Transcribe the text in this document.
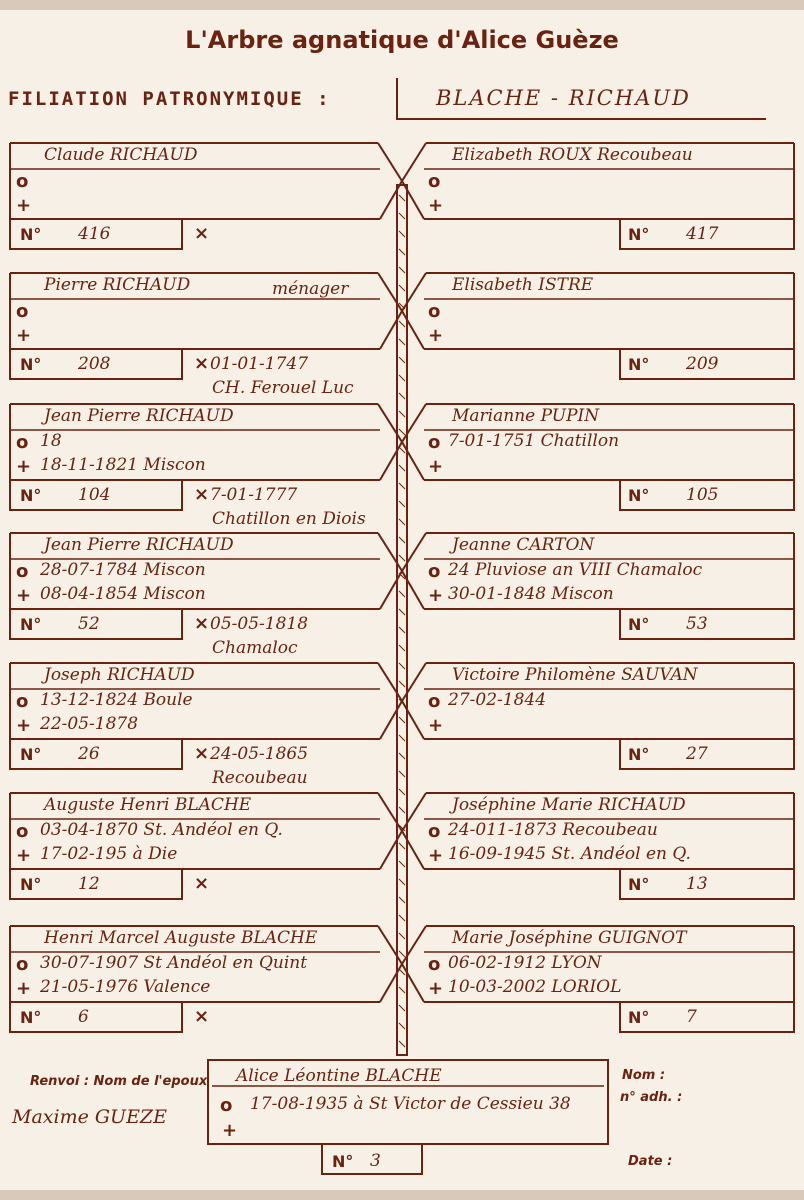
L'Arbre agnatique d'Alice Guèze
FILIATION PATRONYMIQUE :	BLACHE - RICHAUD
Claude RICHAUD
o
+
N° 416	×
Elizabeth ROUX Recoubeau
o
+
N° 417
Pierre RICHAUD	ménager
o
+
N° 208	× 01-01-1747
CH. Ferouel Luc
Elisabeth ISTRE
o
+
N° 209
Jean Pierre RICHAUD
o 18
+ 18-11-1821 Miscon
N° 104	× 7-01-1777
Chatillon en Diois
Marianne PUPIN
o 7-01-1751 Chatillon
+
N° 105
Jean Pierre RICHAUD
o 28-07-1784 Miscon
+ 08-04-1854 Miscon
N° 52	× 05-05-1818
Chamaloc
Jeanne CARTON
o 24 Pluviose an VIII Chamaloc
+ 30-01-1848 Miscon
N° 53
Joseph RICHAUD
o 13-12-1824 Boule
+ 22-05-1878
N° 26	× 24-05-1865
Recoubeau
Victoire Philomène SAUVAN
o 27-02-1844
+
N° 27
Auguste Henri BLACHE
o 03-04-1870 St. Andéol en Q.
+ 17-02-195 à Die
N° 12	×
Joséphine Marie RICHAUD
o 24-011-1873 Recoubeau
+ 16-09-1945 St. Andéol en Q.
N° 13
Henri Marcel Auguste BLACHE
o 30-07-1907 St Andéol en Quint
+ 21-05-1976 Valence
N° 6	×
Marie Joséphine GUIGNOT
o 06-02-1912 LYON
+ 10-03-2002 LORIOL
N° 7
Alice Léontine BLACHE
o 17-08-1935 à St Victor de Cessieu 38
+
N° 3
Renvoi : Nom de l'epoux
Maxime GUEZE
Nom :
n° adh. :
Date :
